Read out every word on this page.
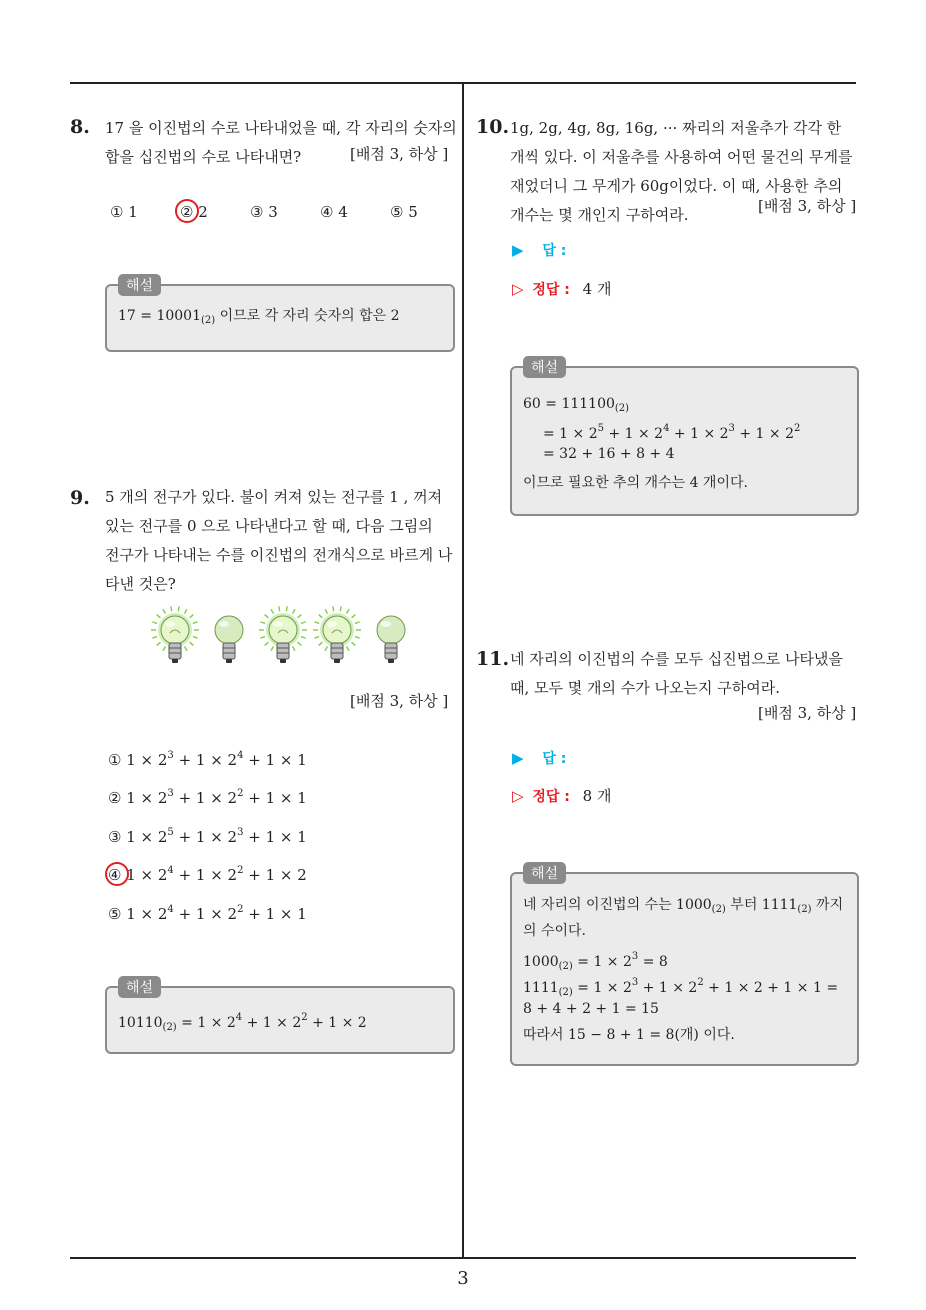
8. 17 을 이진법의 수로 나타내었을 때, 각 자리의 숫자의
합을 십진법의 수로 나타내면?	[배점 3, 하상 ]
① 1	② 2	③ 3	④ 4	⑤ 5
해설
$17 = 10001_{(2)}$ 이므로 각 자리 숫자의 합은 2
9. 5 개의 전구가 있다. 불이 켜져 있는 전구를 1 , 꺼져
있는 전구를 0 으로 나타낸다고 할 때, 다음 그림의
전구가 나타내는 수를 이진법의 전개식으로 바르게 나
타낸 것은?
[배점 3, 하상 ]
① $1 \times 2^3 + 1 \times 2^4 + 1 \times 1$
② $1 \times 2^3 + 1 \times 2^2 + 1 \times 1$
③ $1 \times 2^5 + 1 \times 2^3 + 1 \times 1$
④ $1 \times 2^4 + 1 \times 2^2 + 1 \times 2$
⑤ $1 \times 2^4 + 1 \times 2^2 + 1 \times 1$
해설
$10110_{(2)} = 1 \times 2^4 + 1 \times 2^2 + 1 \times 2$
10. 1g, 2g, 4g, 8g, 16g, ··· 짜리의 저울추가 각각 한
개씩 있다. 이 저울추를 사용하여 어떤 물건의 무게를
재었더니 그 무게가 60g이었다. 이 때, 사용한 추의
개수는 몇 개인지 구하여라.	[배점 3, 하상 ]
▶ 답 :
▷ 정답 : 4 개
해설
$60 = 111100_{(2)}$
= $1 \times 2^5 + 1 \times 2^4 + 1 \times 2^3 + 1 \times 2^2$
= 32 + 16 + 8 + 4
이므로 필요한 추의 개수는 4 개이다.
11. 네 자리의 이진법의 수를 모두 십진법으로 나타냈을
때, 모두 몇 개의 수가 나오는지 구하여라.
[배점 3, 하상 ]
▶ 답 :
▷ 정답 : 8 개
해설
네 자리의 이진법의 수는 $1000_{(2)}$ 부터 $1111_{(2)}$ 까지
의 수이다.
$1000_{(2)} = 1 \times 2^3 = 8$
$1111_{(2)} = 1 \times 2^3 + 1 \times 2^2 + 1 \times 2 + 1 \times 1$ =
8 + 4 + 2 + 1 = 15
따라서 15 − 8 + 1 = 8(개) 이다.
3
